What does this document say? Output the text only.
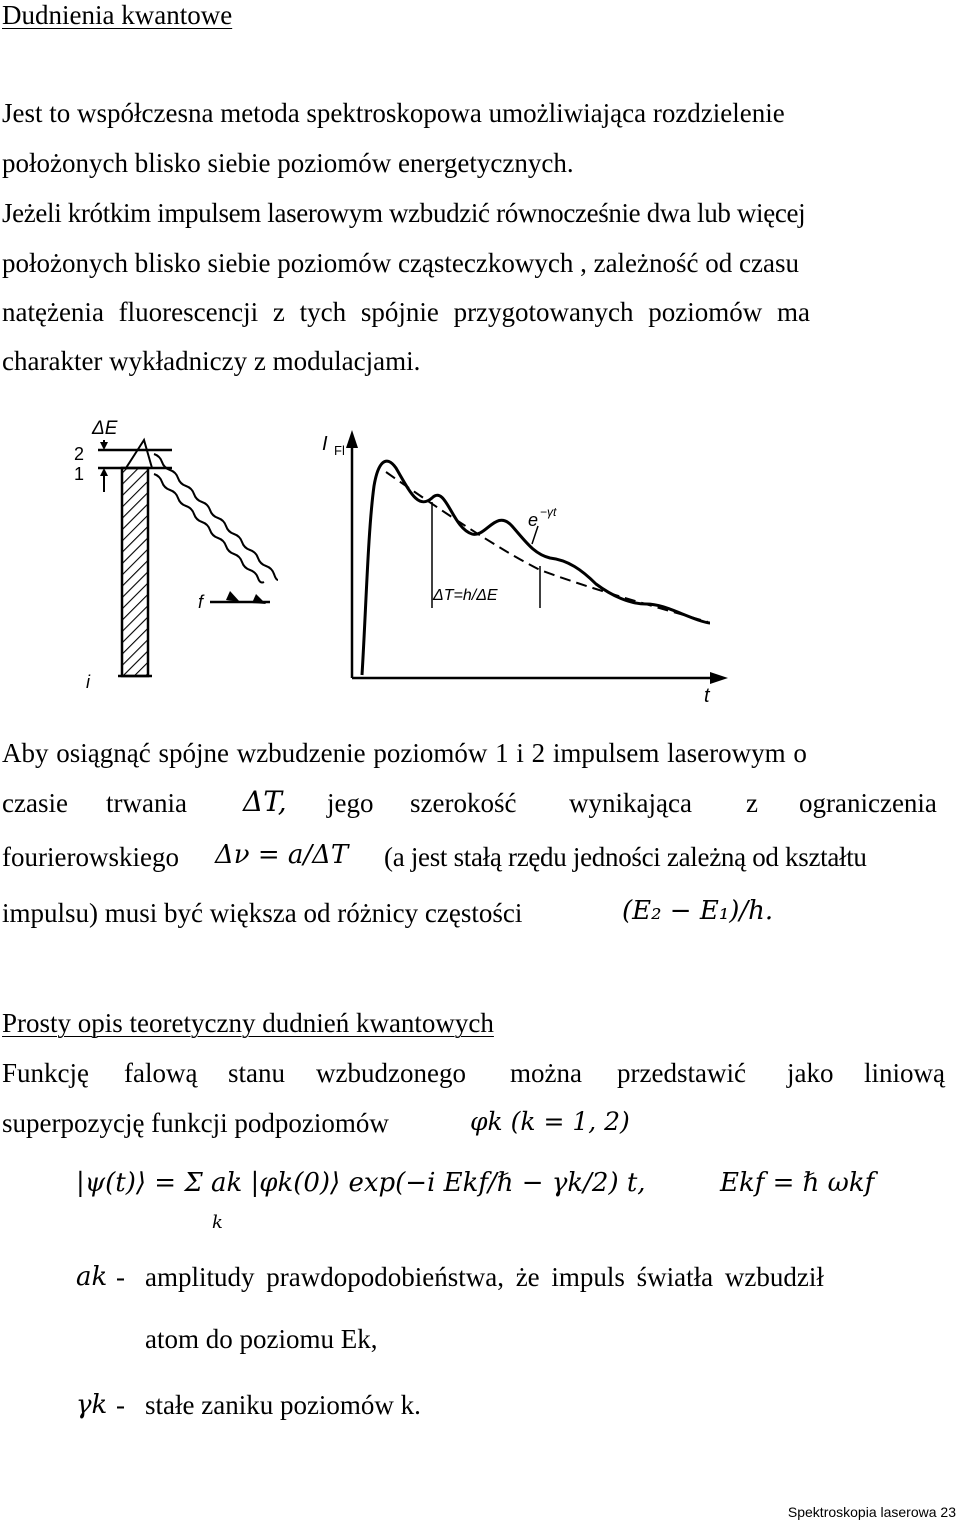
Dudnienia kwantowe
Jest to współczesna metoda spektroskopowa umożliwiająca rozdzielenie
położonych blisko siebie poziomów energetycznych.
Jeżeli krótkim impulsem laserowym wzbudzić równocześnie dwa lub więcej
położonych blisko siebie poziomów cząsteczkowych , zależność od czasu
natężenia fluorescencji z tych spójnie przygotowanych poziomów ma
charakter wykładniczy z modulacjami.
ΔE
2
1
i
f
I Fl
t
ΔT=h/ΔE
e −γt
Aby osiągnąć spójne wzbudzenie poziomów 1 i 2 impulsem laserowym o
czasie trwania ΔT, jego szerokość wynikająca z ograniczenia
fourierowskiego Δν = a/ΔT (a jest stałą rzędu jedności zależną od kształtu
impulsu) musi być większa od różnicy częstości	(E₂ − E₁)/h.
Prosty opis teoretyczny dudnień kwantowych
Funkcję falową stanu wzbudzonego można przedstawić jako liniową
superpozycję funkcji podpoziomów	φk (k = 1, 2)
|ψ(t)⟩ = Σ ak |φk(0)⟩ exp(−i Ekf/ℏ − γk/2) t,
k
Ekf = ℏ ωkf
ak - amplitudy prawdopodobieństwa, że impuls światła wzbudził
atom do poziomu Ek,
γk - stałe zaniku poziomów k.
Spektroskopia laserowa 23
